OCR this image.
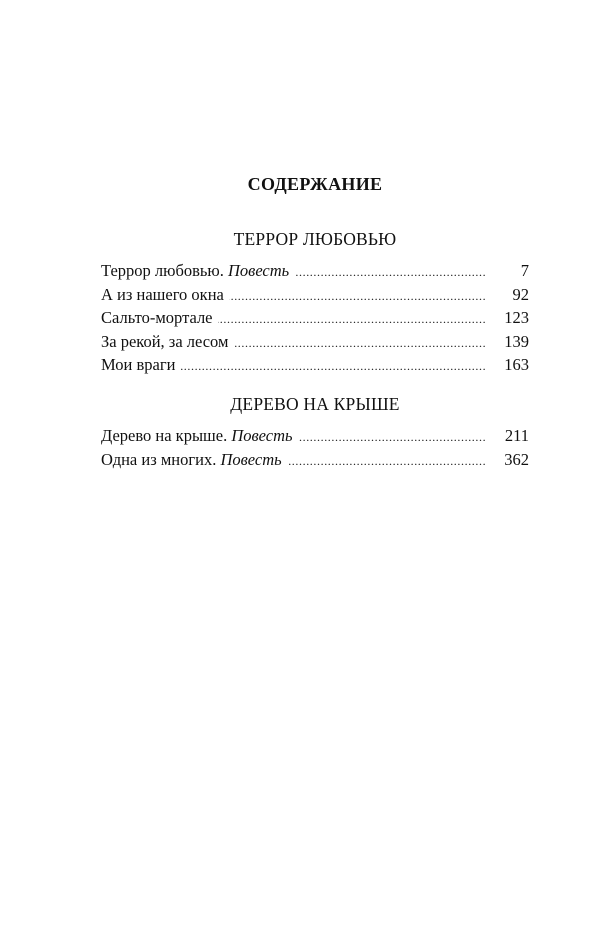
СОДЕРЖАНИЕ
ТЕРРОР ЛЮБОВЬЮ
. . .
Террор любовью. Повесть	7
. . .
А из нашего окна	92
. . .
Сальто-мортале	123
. . .
За рекой, за лесом	139
. . .
Мои враги	163
ДЕРЕВО НА КРЫШЕ
. . .
Дерево на крыше. Повесть	211
. . .
Одна из многих. Повесть	362
